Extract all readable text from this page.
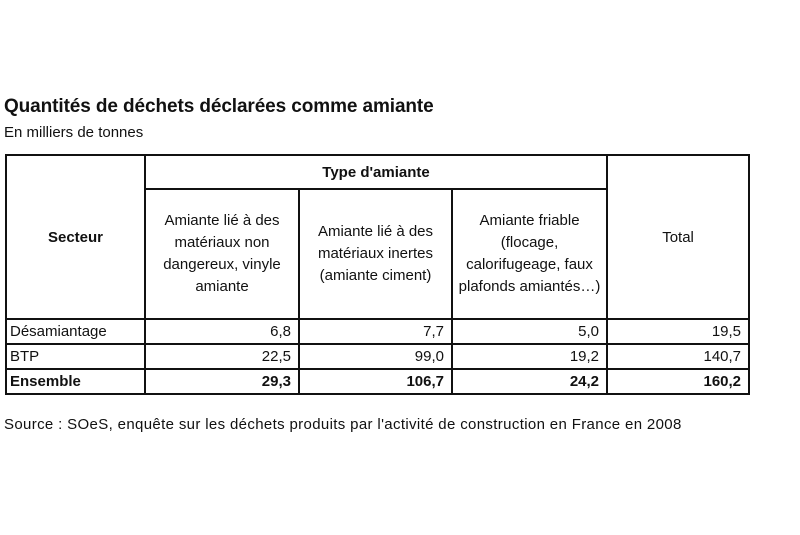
Quantités de déchets déclarées comme amiante
En milliers de tonnes
Secteur	Type d'amiante			Total
	Amiante lié à des matériaux non dangereux, vinyle amiante	Amiante lié à des matériaux inertes (amiante ciment)	Amiante friable (flocage, calorifugeage, faux plafonds amiantés…)	
Désamiantage	6,8	7,7	5,0	19,5
BTP	22,5	99,0	19,2	140,7
Ensemble	29,3	106,7	24,2	160,2
Source : SOeS, enquête sur les déchets produits par l'activité de construction en France en 2008
